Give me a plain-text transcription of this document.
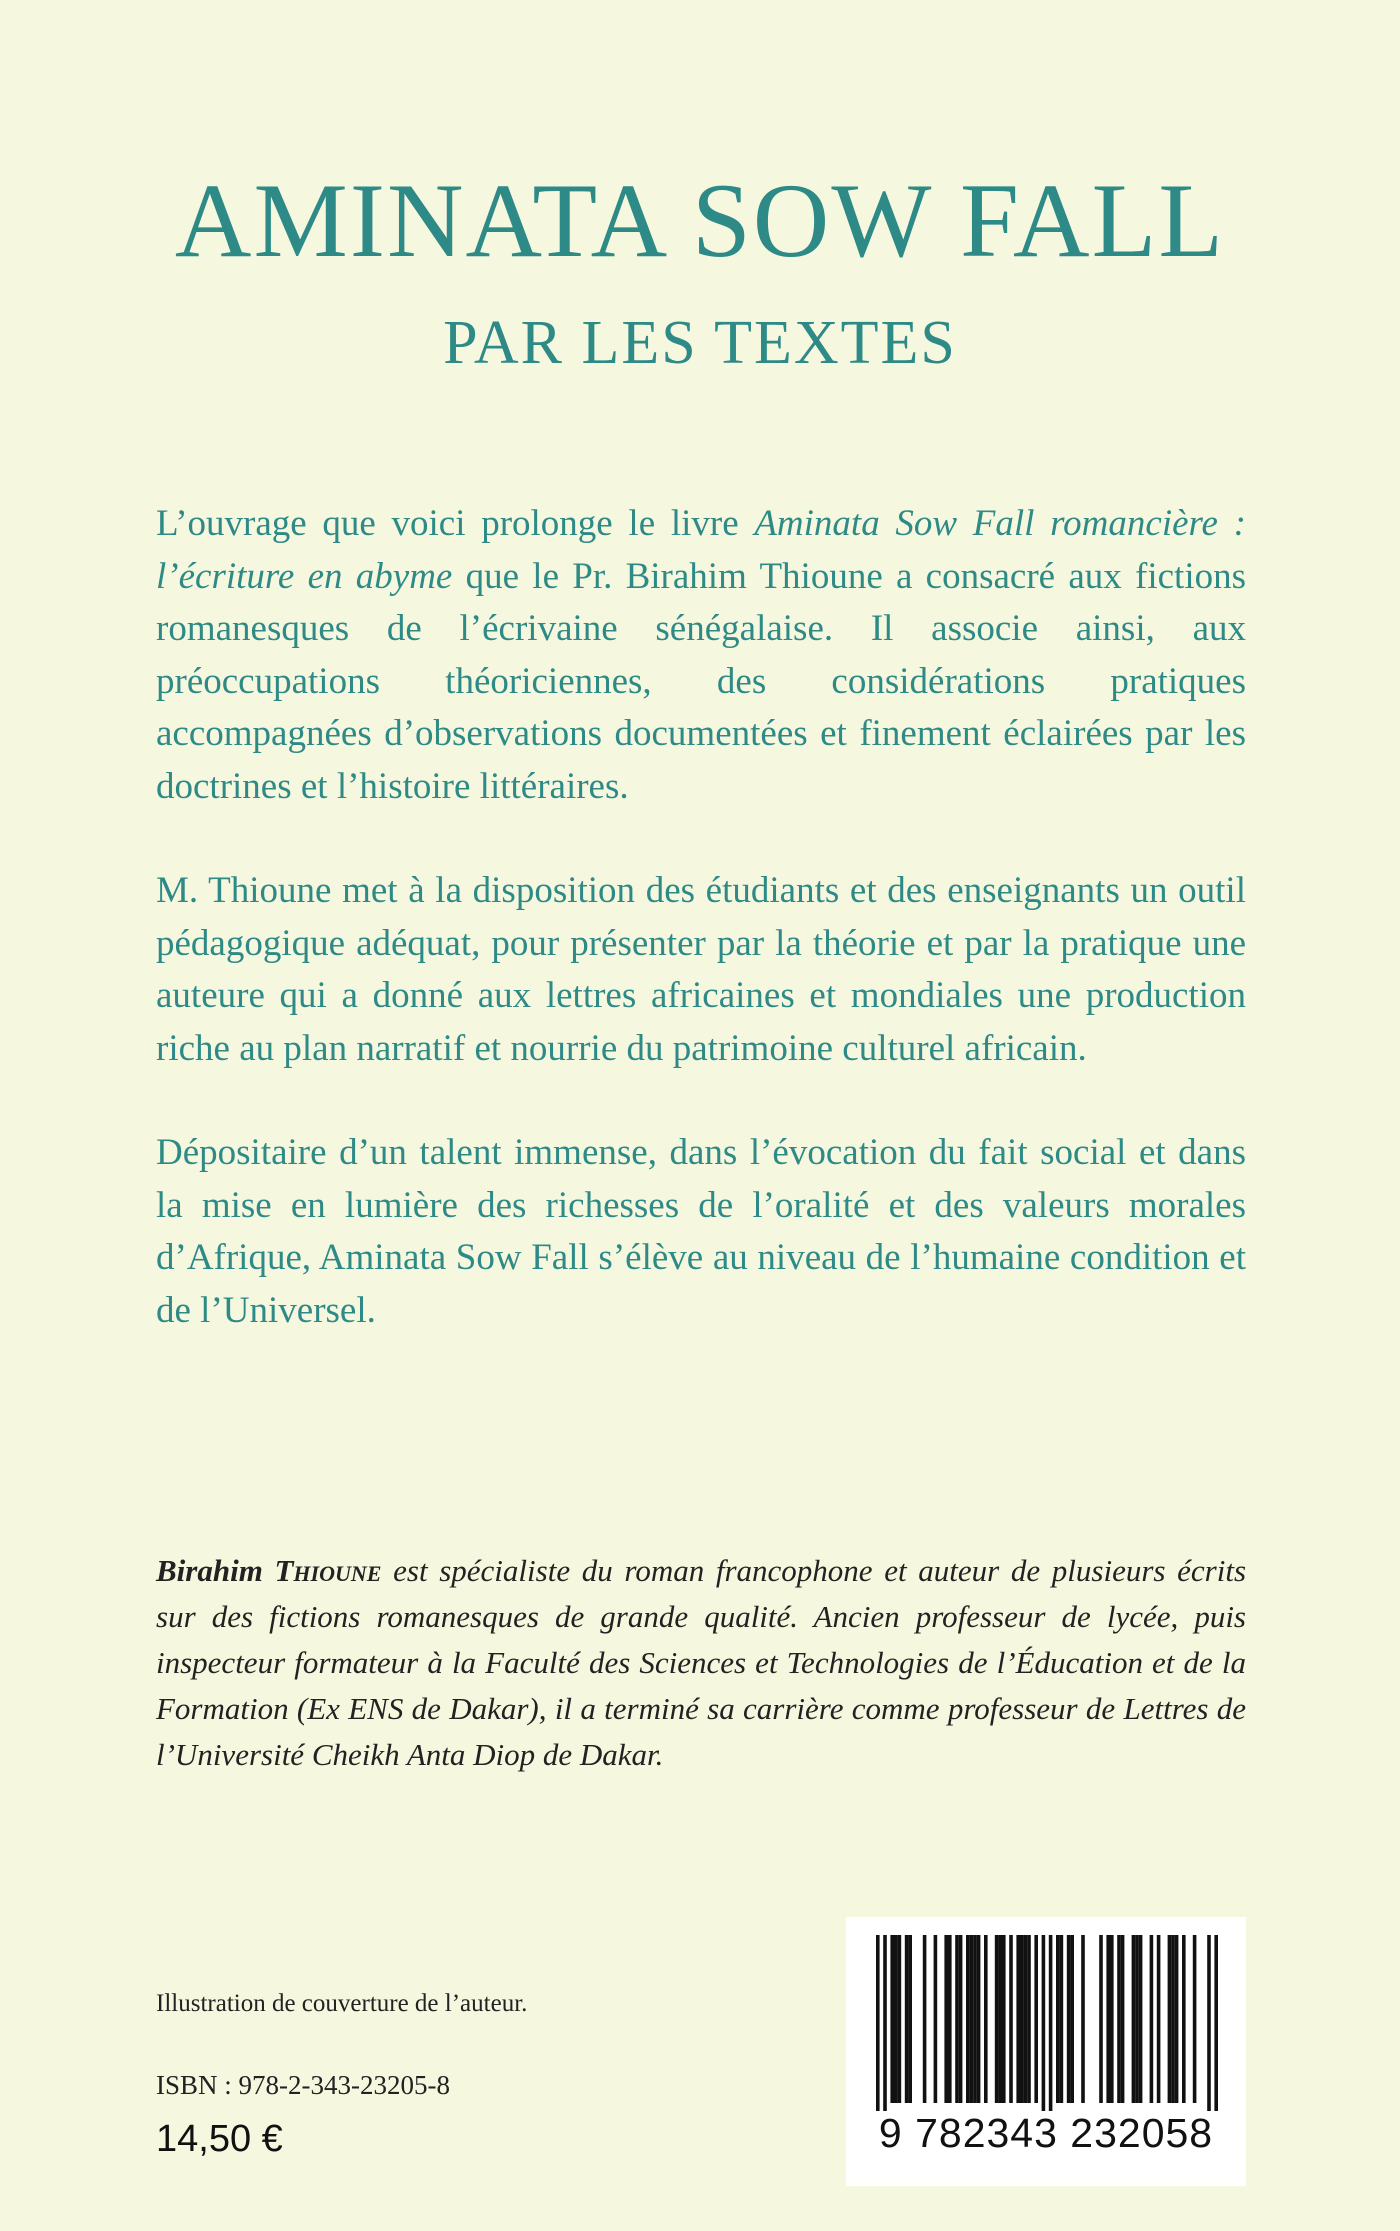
AMINATA SOW FALL
PAR LES TEXTES

L’ouvrage que voici prolonge le livre Aminata Sow Fall romancière : l’écriture en abyme que le Pr. Birahim Thioune a consacré aux fictions romanesques de l’écrivaine sénégalaise. Il associe ainsi, aux préoccupations théoriciennes, des considérations pratiques accompagnées d’observations documentées et finement éclairées par les doctrines et l’histoire littéraires.

M. Thioune met à la disposition des étudiants et des enseignants un outil pédagogique adéquat, pour présenter par la théorie et par la pratique une auteure qui a donné aux lettres africaines et mondiales une production riche au plan narratif et nourrie du patrimoine culturel africain.

Dépositaire d’un talent immense, dans l’évocation du fait social et dans la mise en lumière des richesses de l’oralité et des valeurs morales d’Afrique, Aminata Sow Fall s’élève au niveau de l’humaine condition et de l’Universel.

Birahim Thioune est spécialiste du roman francophone et auteur de plusieurs écrits sur des fictions romanesques de grande qualité. Ancien professeur de lycée, puis inspecteur formateur à la Faculté des Sciences et Technologies de l’Éducation et de la Formation (Ex ENS de Dakar), il a terminé sa carrière comme professeur de Lettres de l’Université Cheikh Anta Diop de Dakar.
Illustration de couverture de l’auteur.
ISBN : 978-2-343-23205-8
14,50 €	9 782343 232058
